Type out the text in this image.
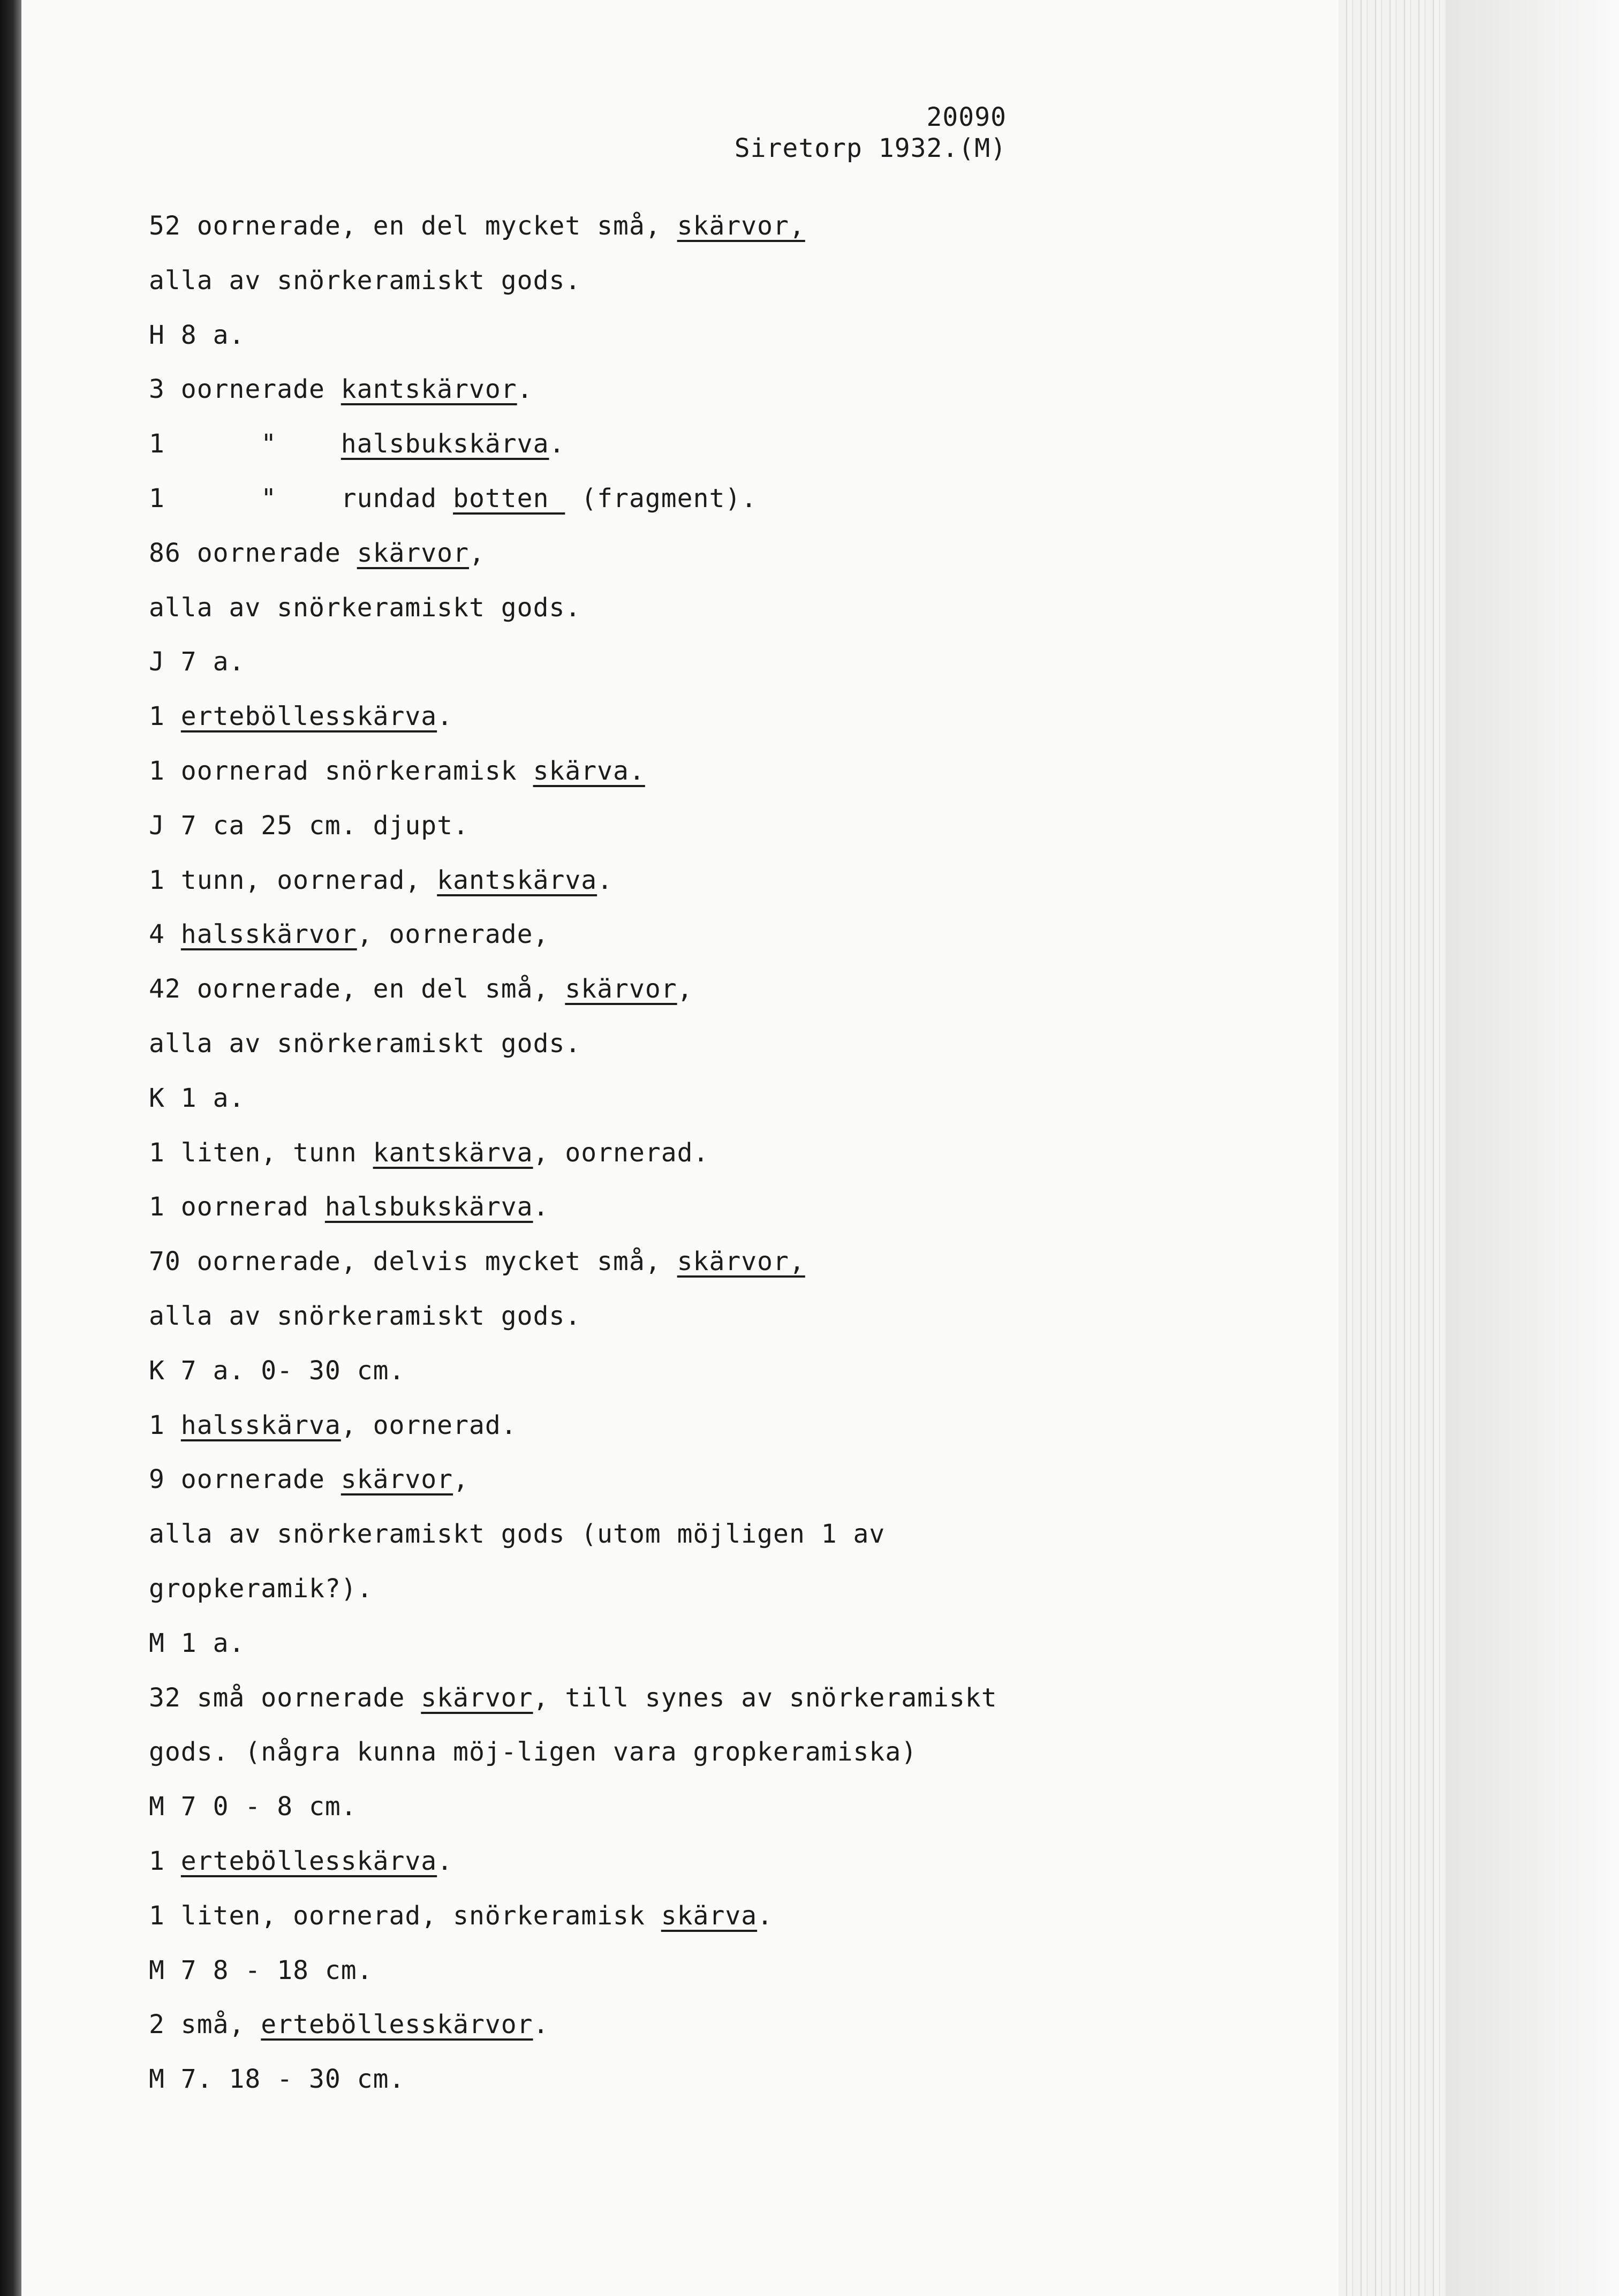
20090
Siretorp 1932.(M)
52 oornerade, en del mycket små, skärvor,
alla av snörkeramiskt gods.
H 8 a.
3 oornerade kantskärvor.
1      "    halsbukskärva.
1      "    rundad botten  (fragment).
86 oornerade skärvor,
alla av snörkeramiskt gods.
J 7 a.
1 erteböllesskärva.
1 oornerad snörkeramisk skärva.
J 7 ca 25 cm. djupt.
1 tunn, oornerad, kantskärva.
4 halsskärvor, oornerade,
42 oornerade, en del små, skärvor,
alla av snörkeramiskt gods.
K 1 a.
1 liten, tunn kantskärva, oornerad.
1 oornerad halsbukskärva.
70 oornerade, delvis mycket små, skärvor,
alla av snörkeramiskt gods.
K 7 a. 0- 30 cm.
1 halsskärva, oornerad.
9 oornerade skärvor,
alla av snörkeramiskt gods (utom möjligen 1 av
gropkeramik?).
M 1 a.
32 små oornerade skärvor, till synes av snörkeramiskt
gods. (några kunna möj-ligen vara gropkeramiska)
M 7 0 - 8 cm.
1 erteböllesskärva.
1 liten, oornerad, snörkeramisk skärva.
M 7 8 - 18 cm.
2 små, erteböllesskärvor.
M 7. 18 - 30 cm.
